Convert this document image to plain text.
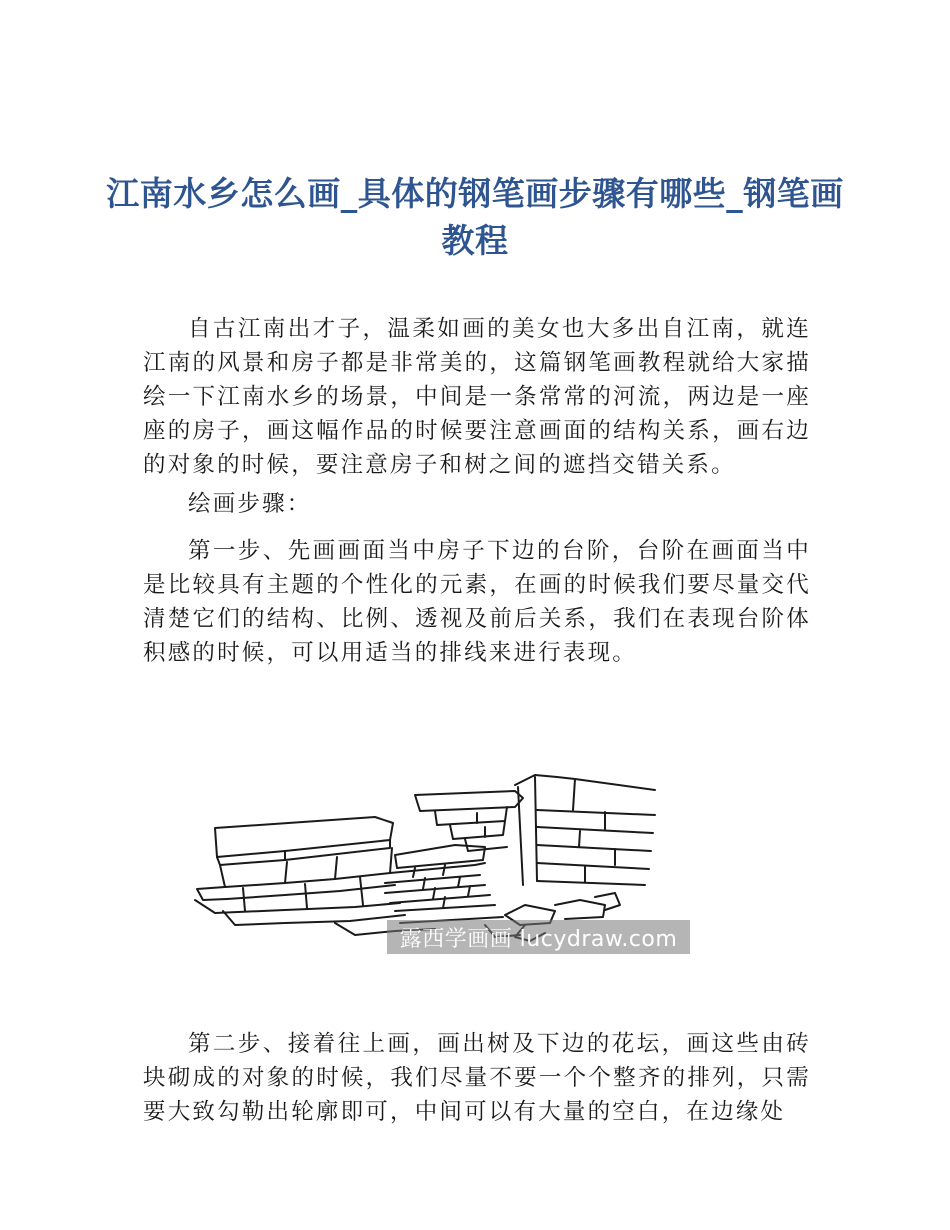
江南水乡怎么画_具体的钢笔画步骤有哪些_钢笔画教程

自古江南出才子，温柔如画的美女也大多出自江南，就连江南的风景和房子都是非常美的，这篇钢笔画教程就给大家描绘一下江南水乡的场景，中间是一条常常的河流，两边是一座座的房子，画这幅作品的时候要注意画面的结构关系，画右边的对象的时候，要注意房子和树之间的遮挡交错关系。

绘画步骤：

第一步、先画画面当中房子下边的台阶，台阶在画面当中是比较具有主题的个性化的元素，在画的时候我们要尽量交代清楚它们的结构、比例、透视及前后关系，我们在表现台阶体积感的时候，可以用适当的排线来进行表现。

露西学画画 lucydraw.com

第二步、接着往上画，画出树及下边的花坛，画这些由砖块砌成的对象的时候，我们尽量不要一个个整齐的排列，只需要大致勾勒出轮廓即可，中间可以有大量的空白，在边缘处
